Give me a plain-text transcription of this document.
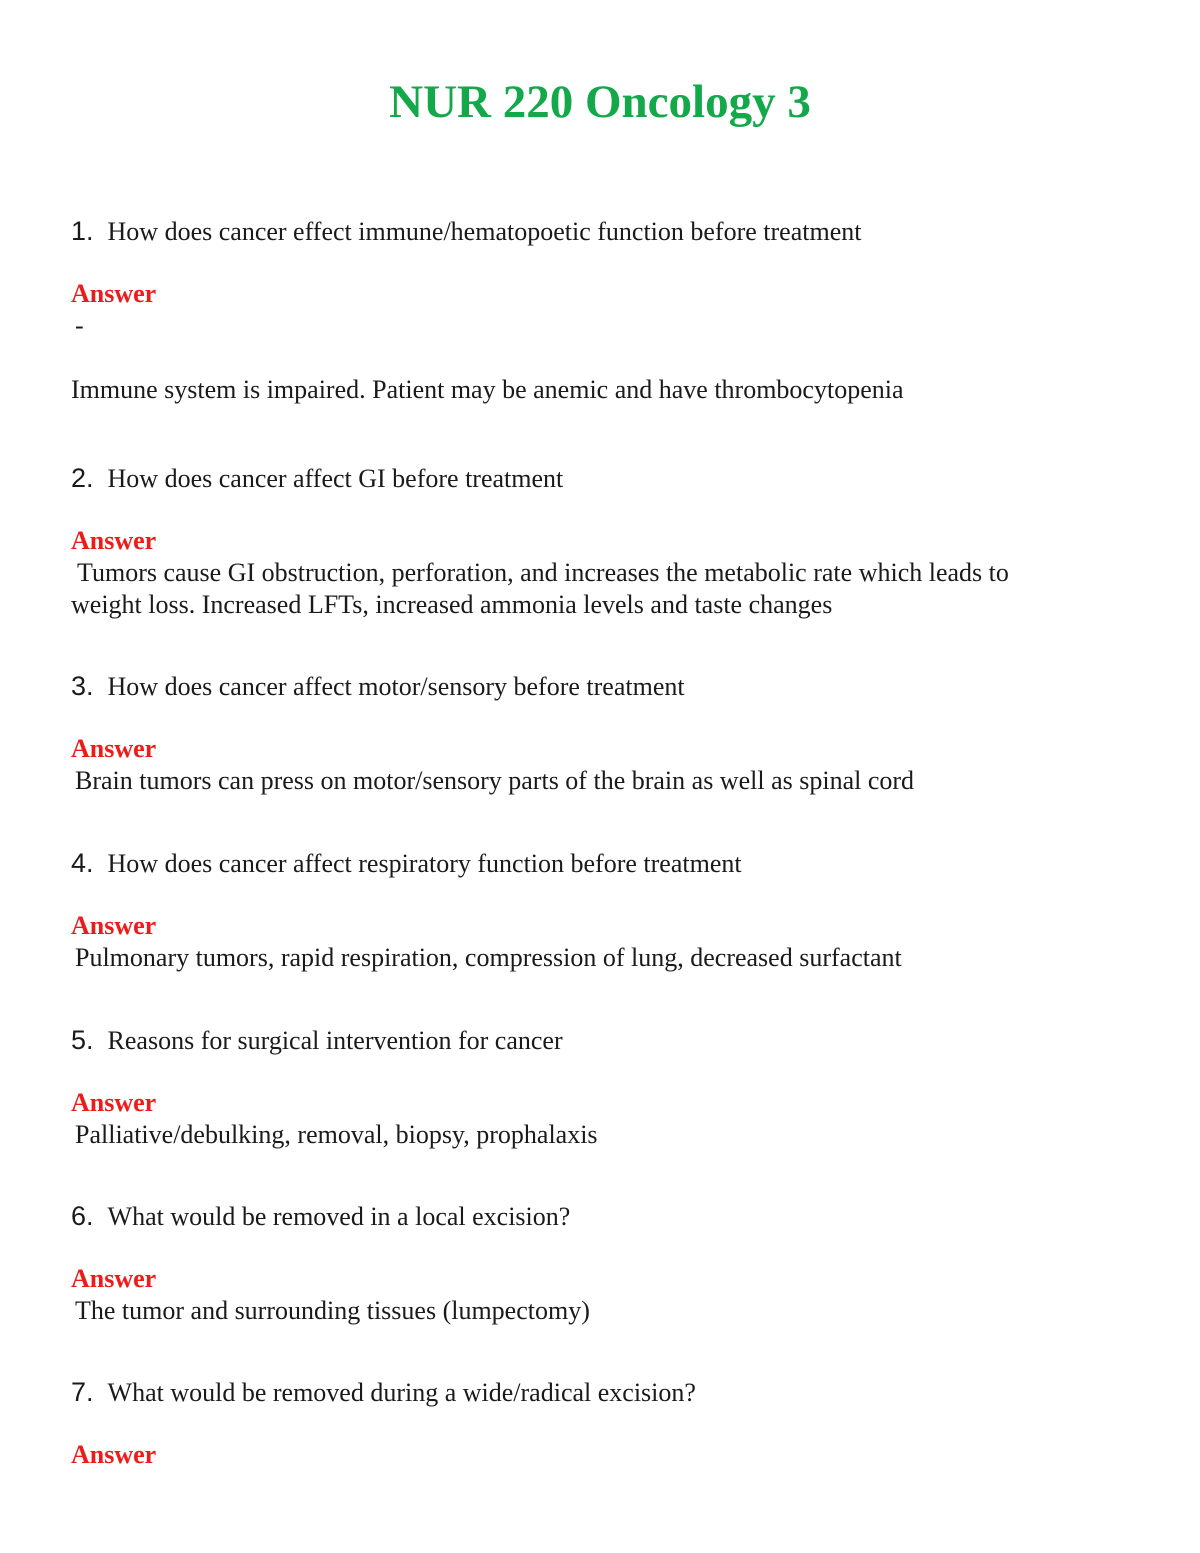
NUR 220 Oncology 3

1. How does cancer effect immune/hematopoetic function before treatment

Answer
-
Immune system is impaired. Patient may be anemic and have thrombocytopenia

2. How does cancer affect GI before treatment

Answer
Tumors cause GI obstruction, perforation, and increases the metabolic rate which leads to weight loss. Increased LFTs, increased ammonia levels and taste changes

3. How does cancer affect motor/sensory before treatment

Answer
Brain tumors can press on motor/sensory parts of the brain as well as spinal cord

4. How does cancer affect respiratory function before treatment

Answer
Pulmonary tumors, rapid respiration, compression of lung, decreased surfactant

5. Reasons for surgical intervention for cancer

Answer
Palliative/debulking, removal, biopsy, prophalaxis

6. What would be removed in a local excision?

Answer
The tumor and surrounding tissues (lumpectomy)

7. What would be removed during a wide/radical excision?

Answer
